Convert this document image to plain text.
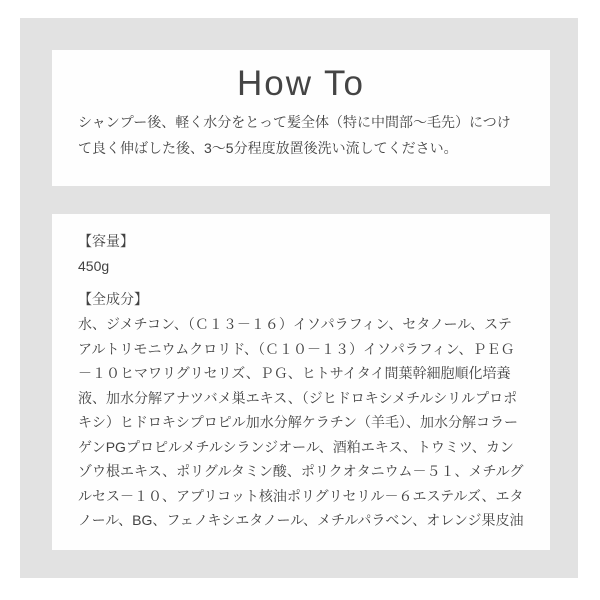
How To

シャンプー後、軽く水分をとって髪全体（特に中間部～毛先）につけて良く伸ばした後、3～5分程度放置後洗い流してください。

【容量】

450g

【全成分】

水、ジメチコン、（Ｃ１３－１６）イソパラフィン、セタノール、ステアルトリモニウムクロリド、（Ｃ１０－１３）イソパラフィン、ＰＥＧ－１０ヒマワリグリセリズ、ＰＧ、ヒトサイタイ間葉幹細胞順化培養液、加水分解アナツバメ巣エキス、（ジヒドロキシメチルシリルプロポキシ）ヒドロキシプロピル加水分解ケラチン（羊毛）、加水分解コラーゲンPGプロピルメチルシランジオール、酒粕エキス、トウミツ、カンゾウ根エキス、ポリグルタミン酸、ポリクオタニウム－５１、メチルグルセス－１０、アプリコット核油ポリグリセリル－６エステルズ、エタノール、BG、フェノキシエタノール、メチルパラベン、オレンジ果皮油
